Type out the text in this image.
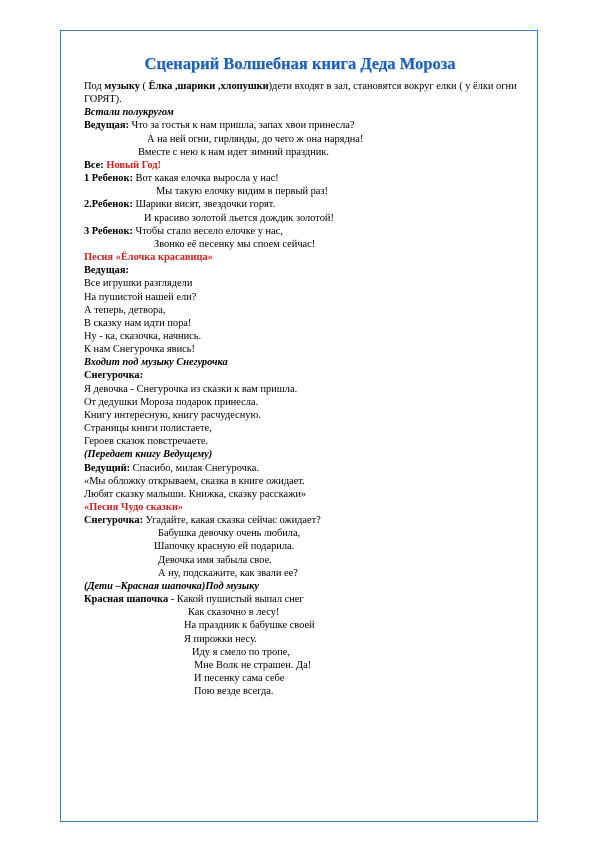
Сценарий Волшебная книга Деда Мороза
Под музыку ( Ёлка ,шарики ,хлопушки)дети входят в зал, становятся вокруг елки ( у ёлки огни ГОРЯТ).
Встали полукругом
Ведущая: Что за гостья к нам пришла, запах хвои принесла?
А на ней огни, гирлянды, до чего ж она нарядна!
Вместе с нею к нам идет зимний праздник.
Все: Новый Год!
1 Ребенок: Вот какая елочка выросла у нас!
Мы такую елочку видим в первый раз!
2.Ребенок: Шарики висят, звездочки горят.
И красиво золотой льется дождик золотой!
3 Ребенок: Чтобы стало весело елочке у нас,
Звонко её песенку мы споем сейчас!
Песня «Ёлочка красавица»
Ведущая:
Все игрушки разглядели
На пушистой нашей ели?
А теперь, детвора,
В сказку нам идти пора!
Ну - ка, сказочка, начнись.
К нам Снегурочка явись!
Входит под музыку Снегурочка
Снегурочка:
Я девочка - Снегурочка из сказки к вам пришла.
От дедушки Мороза подарок принесла.
Книгу интересную, книгу расчудесную.
Страницы книги полистаете,
Героев сказок повстречаете.
(Передает книгу Ведущему)
Ведущий: Спасибо, милая Снегурочка.
«Мы обложку открываем, сказка в книге ожидает.
Любят сказку малыши. Книжка, сказку расскажи»
«Песня Чудо сказки»
Снегурочка: Угадайте, какая сказка сейчас ожидает?
Бабушка девочку очень любила,
Шапочку красную ей подарила.
Девочка имя забыла свое.
А ну, подскажите, как звали ее?
(Дети –Красная шапочка)Под музыку
Красная шапочка - Какой пушистый выпал снег
Как сказочно в лесу!
На праздник к бабушке своей
Я пирожки несу.
Иду я смело по тропе,
Мне Волк не страшен. Да!
И песенку сама себе
Пою везде всегда.
